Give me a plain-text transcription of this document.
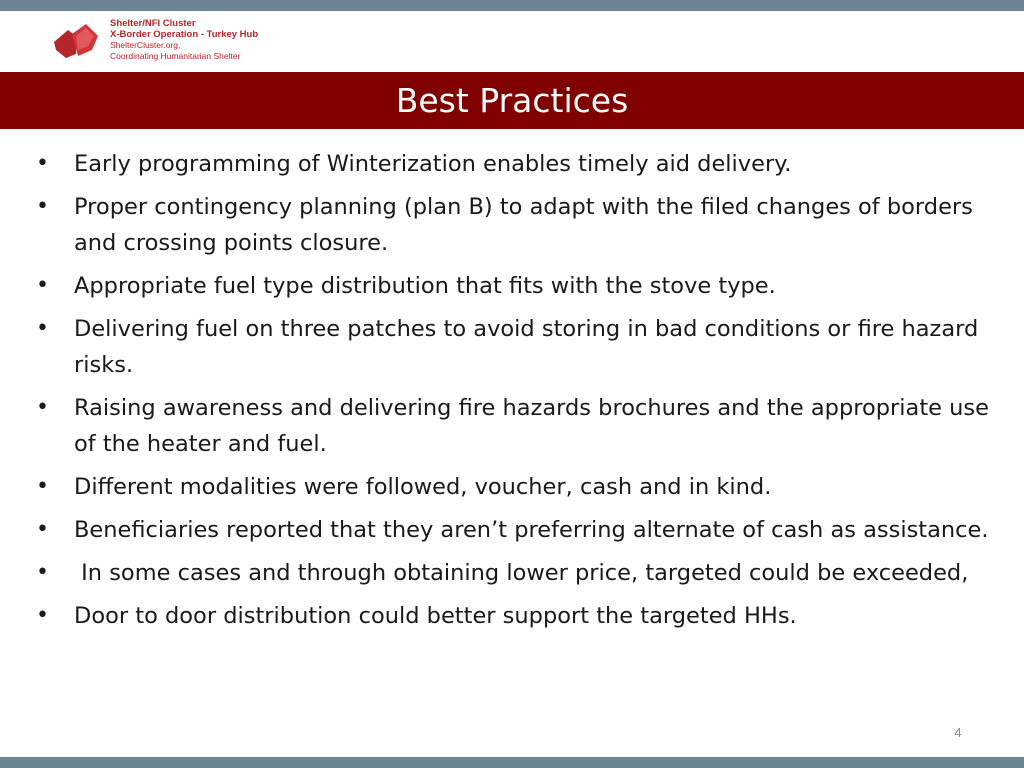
Shelter/NFI Cluster
X-Border Operation - Turkey Hub
ShelterCluster.org,
Coordinating Humanitarian Shelter
Best Practices
•	Early programming of Winterization enables timely aid delivery.
•	Proper contingency planning (plan B) to adapt with the filed changes of borders and crossing points closure.
•	Appropriate fuel type distribution that fits with the stove type.
•	Delivering fuel on three patches to avoid storing in bad conditions or fire hazard risks.
•	Raising awareness and delivering fire hazards brochures and the appropriate use of the heater and fuel.
•	Different modalities were followed, voucher, cash and in kind.
•	Beneficiaries reported that they aren’t preferring alternate of cash as assistance.
•	In some cases and through obtaining lower price, targeted could be exceeded,
•	Door to door distribution could better support the targeted HHs.
4
